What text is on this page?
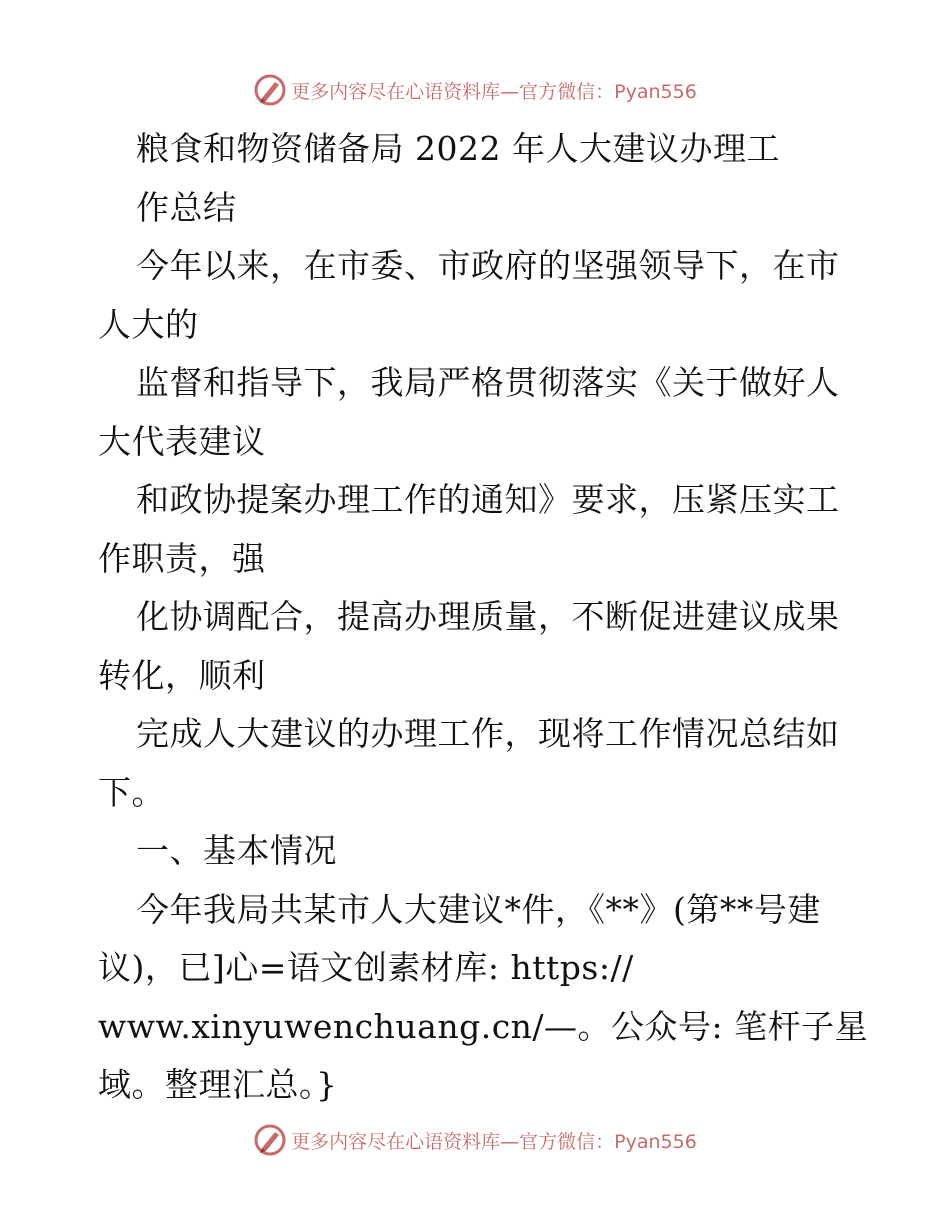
更多内容尽在心语资料库—官方微信：Pyan556
粮食和物资储备局 2022 年人大建议办理工
作总结
今年以来，在市委、市政府的坚强领导下，在市
人大的
监督和指导下，我局严格贯彻落实《关于做好人
大代表建议
和政协提案办理工作的通知》要求，压紧压实工
作职责，强
化协调配合，提高办理质量，不断促进建议成果
转化，顺利
完成人大建议的办理工作，现将工作情况总结如
下。
一、基本情况
今年我局共某市人大建议*件，《**》(第**号建
议)，已]心=语文创素材库: https://
www.xinyuwenchuang.cn/—。公众号: 笔杆子星
域。整理汇总。}
更多内容尽在心语资料库—官方微信：Pyan556
